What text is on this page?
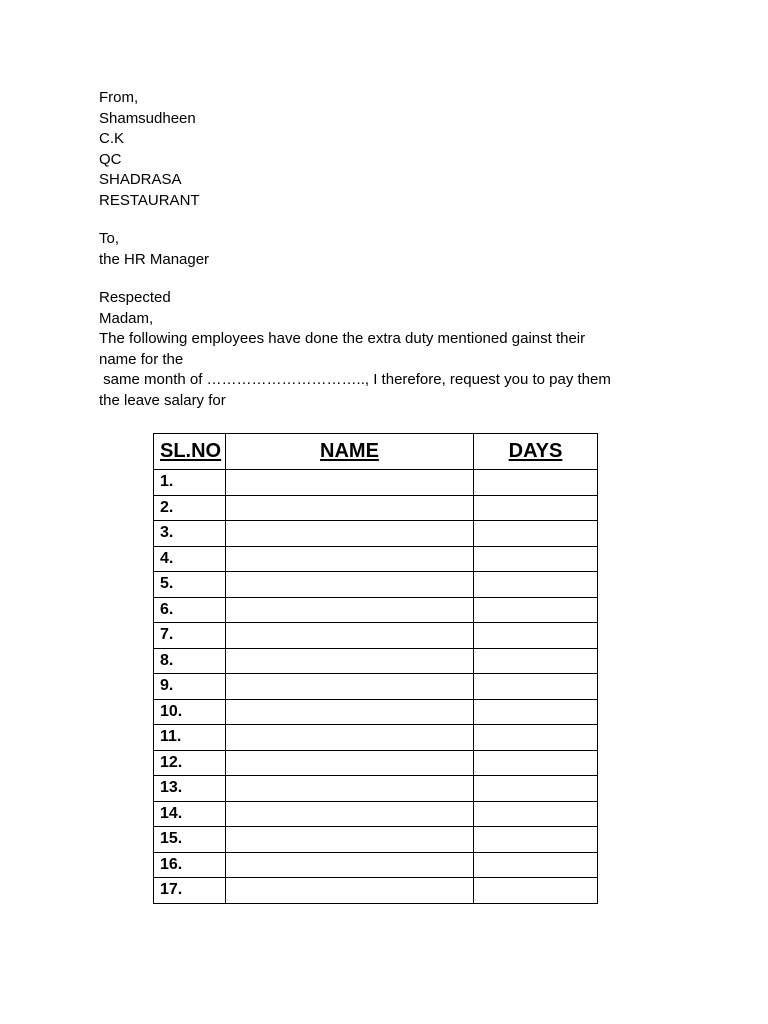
From,
Shamsudheen
C.K
QC
SHADRASA
RESTAURANT
To,
the HR Manager
Respected
Madam,
The following employees have done the extra duty mentioned gainst their
name for the
same month of ………………………….., I therefore, request you to pay them
the leave salary for
SL.NO	NAME	DAYS
1.		
2.		
3.		
4.		
5.		
6.		
7.		
8.		
9.		
10.		
11.		
12.		
13.		
14.		
15.		
16.		
17.		
